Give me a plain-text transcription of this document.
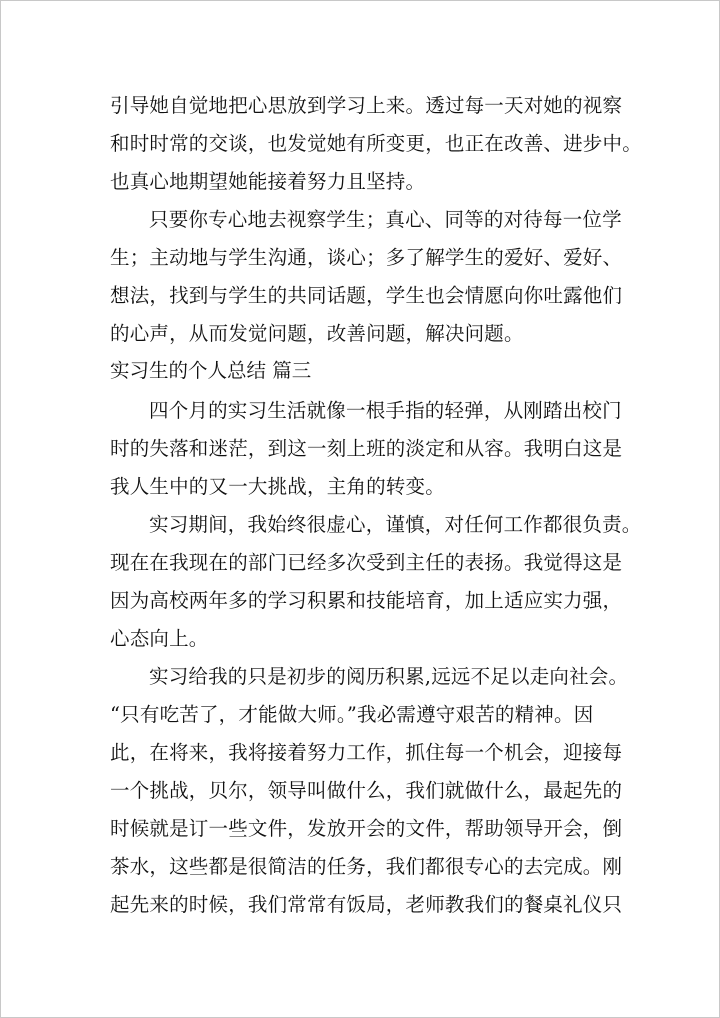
引导她自觉地把心思放到学习上来。透过每一天对她的视察

和时时常的交谈，也发觉她有所变更，也正在改善、进步中。

也真心地期望她能接着努力且坚持。

只要你专心地去视察学生；真心、同等的对待每一位学

生；主动地与学生沟通，谈心；多了解学生的爱好、爱好、

想法，找到与学生的共同话题，学生也会情愿向你吐露他们

的心声，从而发觉问题，改善问题，解决问题。

实习生的个人总结 篇三

四个月的实习生活就像一根手指的轻弹，从刚踏出校门

时的失落和迷茫，到这一刻上班的淡定和从容。我明白这是

我人生中的又一大挑战，主角的转变。

实习期间，我始终很虚心，谨慎，对任何工作都很负责。

现在在我现在的部门已经多次受到主任的表扬。我觉得这是

因为高校两年多的学习积累和技能培育，加上适应实力强，

心态向上。

实习给我的只是初步的阅历积累,远远不足以走向社会。

“只有吃苦了，才能做大师。”我必需遵守艰苦的精神。因

此，在将来，我将接着努力工作，抓住每一个机会，迎接每

一个挑战，贝尔，领导叫做什么，我们就做什么，最起先的

时候就是订一些文件，发放开会的文件，帮助领导开会，倒

茶水，这些都是很简洁的任务，我们都很专心的去完成。刚

起先来的时候，我们常常有饭局，老师教我们的餐桌礼仪只
